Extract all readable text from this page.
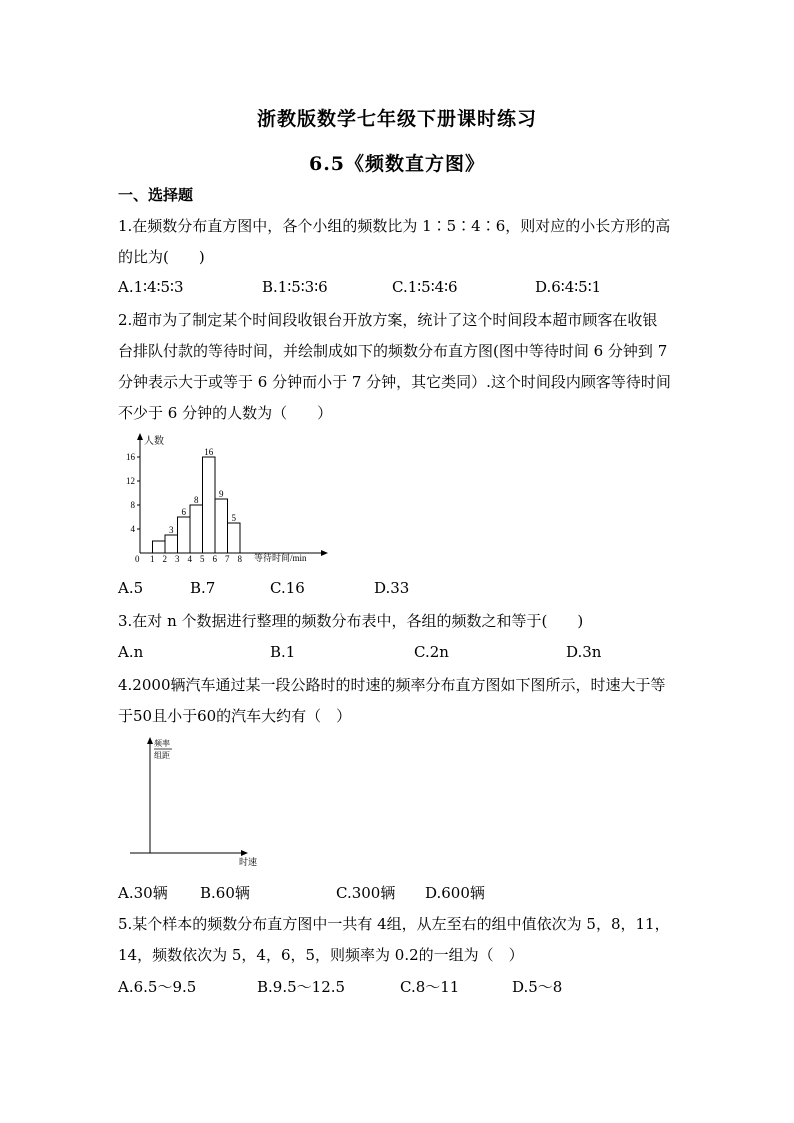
浙教版数学七年级下册课时练习
6.5《频数直方图》
一、选择题
1.在频数分布直方图中，各个小组的频数比为 1∶5∶4∶6，则对应的小长方形的高
的比为(　　)
A.1∶4∶5∶3	B.1∶5∶3∶6	C.1∶5∶4∶6	D.6∶4∶5∶1
2.超市为了制定某个时间段收银台开放方案，统计了这个时间段本超市顾客在收银
台排队付款的等待时间，并绘制成如下的频数分布直方图(图中等待时间 6 分钟到 7
分钟表示大于或等于 6 分钟而小于 7 分钟，其它类同）.这个时间段内顾客等待时间
不少于 6 分钟的人数为（　　）
人数
等待时间/min
0 1 2 3 4 5 6 7 8
4
8
12
16
3
6
8
16
9
5
A.5	B.7	C.16	D.33
3.在对 n 个数据进行整理的频数分布表中，各组的频数之和等于(　　)
A.n	B.1	C.2n	D.3n
4.2000辆汽车通过某一段公路时的时速的频率分布直方图如下图所示，时速大于等
于50且小于60的汽车大约有（　）
频率
组距
时速
A.30辆 B.60辆	C.300辆 D.600辆
5.某个样本的频数分布直方图中一共有 4组，从左至右的组中值依次为 5，8，11，
14，频数依次为 5，4，6，5，则频率为 0.2的一组为（　）
A.6.5～9.5	B.9.5～12.5	C.8～11	D.5～8
